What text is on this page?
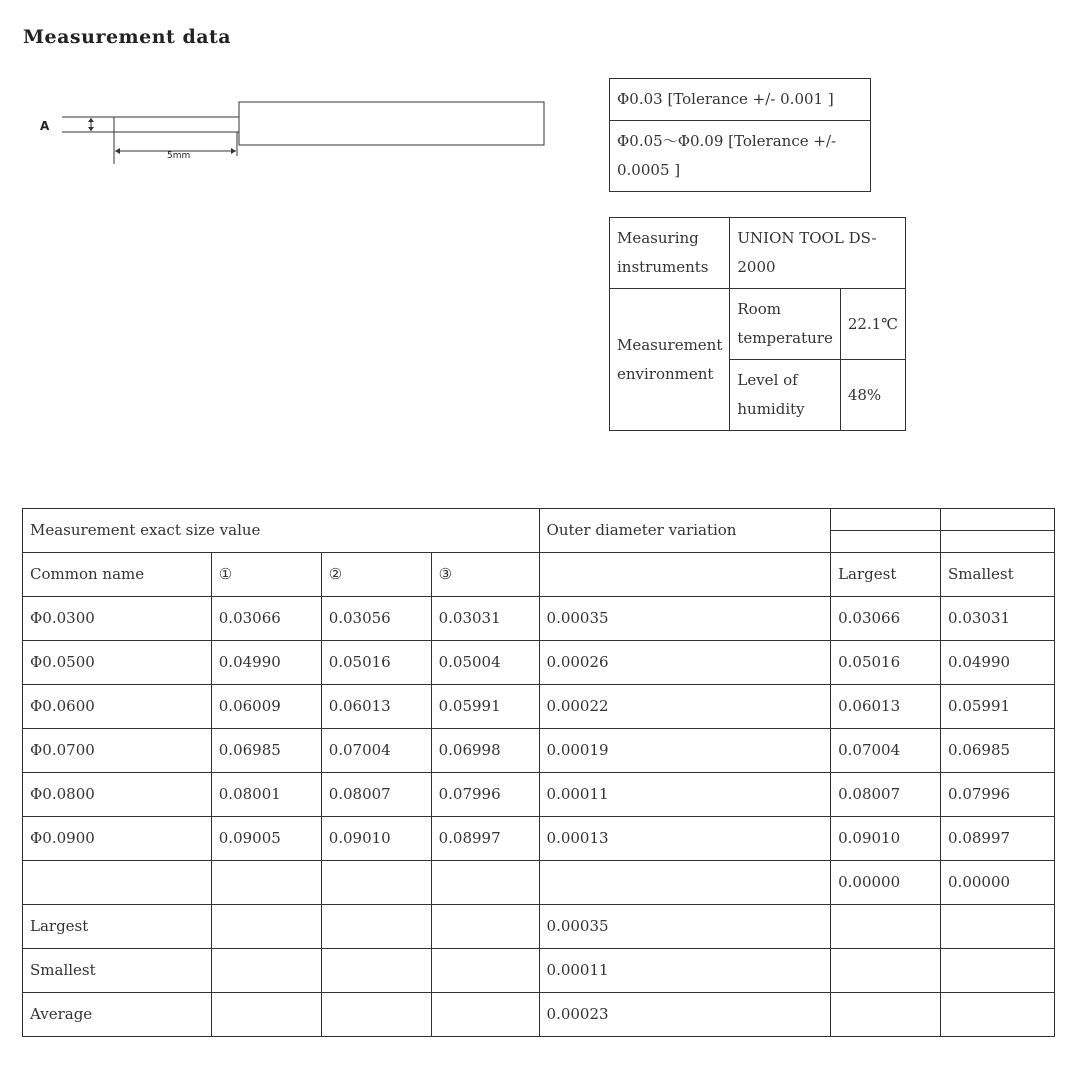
Measurement data
A
5mm
Φ0.03 [Tolerance +/- 0.001 ]
Φ0.05～Φ0.09 [Tolerance +/- 0.0005 ]
Measuring instruments	UNION TOOL DS-2000	
Measurement environment	Room temperature	22.1℃
	Level of humidity	48%
Measurement exact size value				Outer diameter variation		

Common name	①	②	③		Largest	Smallest
Φ0.0300	0.03066	0.03056	0.03031	0.00035	0.03066	0.03031
Φ0.0500	0.04990	0.05016	0.05004	0.00026	0.05016	0.04990
Φ0.0600	0.06009	0.06013	0.05991	0.00022	0.06013	0.05991
Φ0.0700	0.06985	0.07004	0.06998	0.00019	0.07004	0.06985
Φ0.0800	0.08001	0.08007	0.07996	0.00011	0.08007	0.07996
Φ0.0900	0.09005	0.09010	0.08997	0.00013	0.09010	0.08997
					0.00000	0.00000
Largest				0.00035		
Smallest				0.00011		
Average				0.00023		
